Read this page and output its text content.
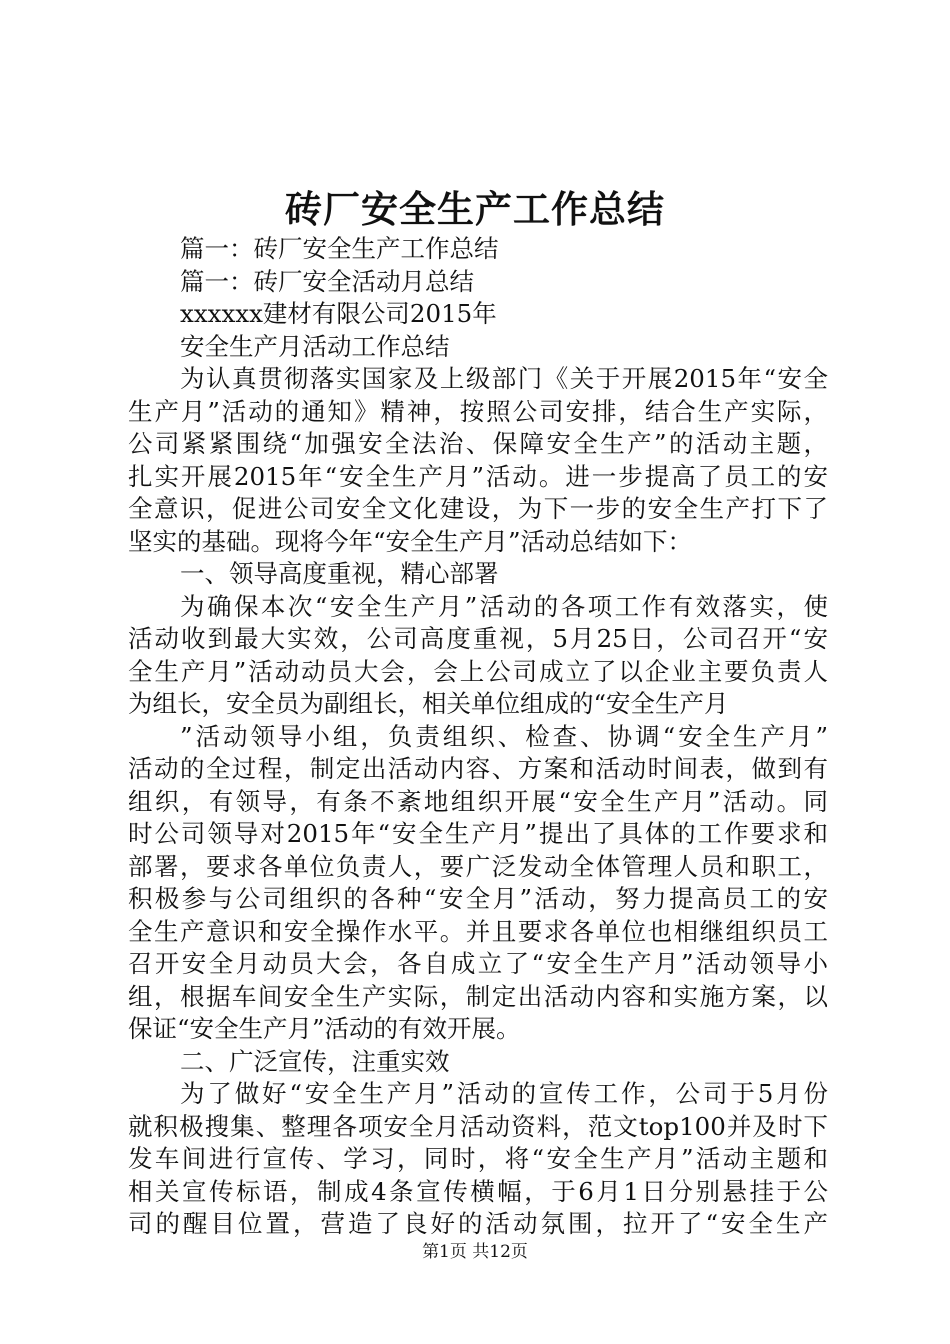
砖厂安全生产工作总结
篇一：砖厂安全生产工作总结
篇一：砖厂安全活动月总结
xxxxxx建材有限公司2015年
安全生产月活动工作总结
为认真贯彻落实国家及上级部门《关于开展2015年“安全
生产月”活动的通知》精神，按照公司安排，结合生产实际，
公司紧紧围绕“加强安全法治、保障安全生产”的活动主题，
扎实开展2015年“安全生产月”活动。进一步提高了员工的安
全意识，促进公司安全文化建设，为下一步的安全生产打下了
坚实的基础。现将今年“安全生产月”活动总结如下：
一、领导高度重视，精心部署
为确保本次“安全生产月”活动的各项工作有效落实，使
活动收到最大实效，公司高度重视，5月25日，公司召开“安
全生产月”活动动员大会，会上公司成立了以企业主要负责人
为组长，安全员为副组长，相关单位组成的“安全生产月
”活动领导小组，负责组织、检查、协调“安全生产月”
活动的全过程，制定出活动内容、方案和活动时间表，做到有
组织，有领导，有条不紊地组织开展“安全生产月”活动。同
时公司领导对2015年“安全生产月”提出了具体的工作要求和
部署，要求各单位负责人，要广泛发动全体管理人员和职工，
积极参与公司组织的各种“安全月”活动，努力提高员工的安
全生产意识和安全操作水平。并且要求各单位也相继组织员工
召开安全月动员大会，各自成立了“安全生产月”活动领导小
组，根据车间安全生产实际，制定出活动内容和实施方案，以
保证“安全生产月”活动的有效开展。
二、广泛宣传，注重实效
为了做好“安全生产月”活动的宣传工作，公司于5月份
就积极搜集、整理各项安全月活动资料，范文top100并及时下
发车间进行宣传、学习，同时，将“安全生产月”活动主题和
相关宣传标语，制成4条宣传横幅，于6月1日分别悬挂于公
司的醒目位置，营造了良好的活动氛围，拉开了“安全生产
第1页 共12页
